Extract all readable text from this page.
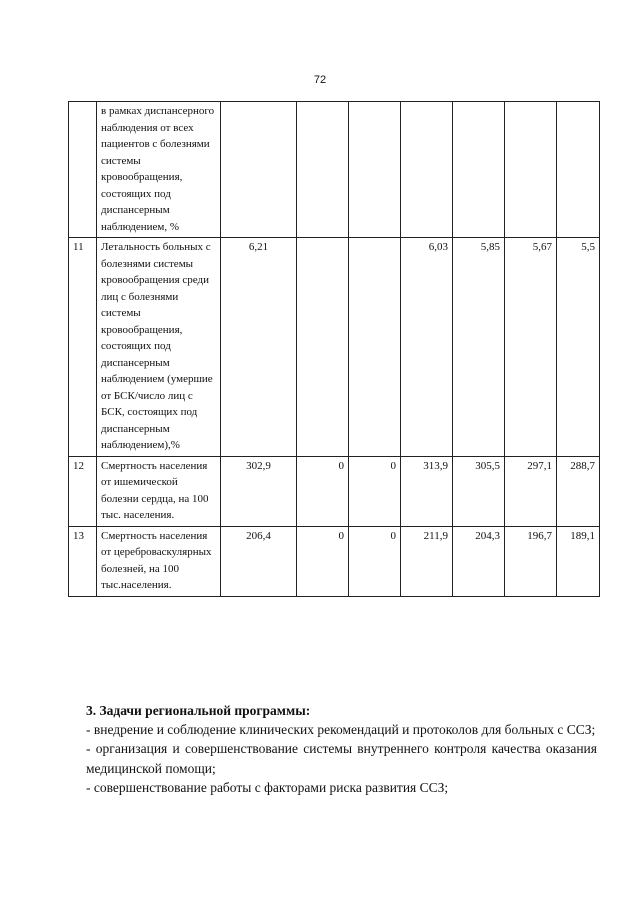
72
	в рамках диспансерного наблюдения от всех пациентов с болезнями системы кровообращения, состоящих под диспансерным наблюдением, %							
11	Летальность больных с болезнями системы кровообращения среди лиц с болезнями системы кровообращения, состоящих под диспансерным наблюдением (умершие от БСК/число лиц с БСК, состоящих под диспансерным наблюдением),%	6,21			6,03	5,85	5,67	5,5
12	Смертность населения от ишемической болезни сердца, на 100 тыс. населения.	302,9	0	0	313,9	305,5	297,1	288,7
13	Смертность населения от цереброваскулярных болезней, на 100 тыс.населения.	206,4	0	0	211,9	204,3	196,7	189,1
3. Задачи региональной программы:

- внедрение и соблюдение клинических рекомендаций и протоколов для больных с ССЗ;

- организация и совершенствование системы внутреннего контроля качества оказания медицинской помощи;

- совершенствование работы с факторами риска развития ССЗ;
